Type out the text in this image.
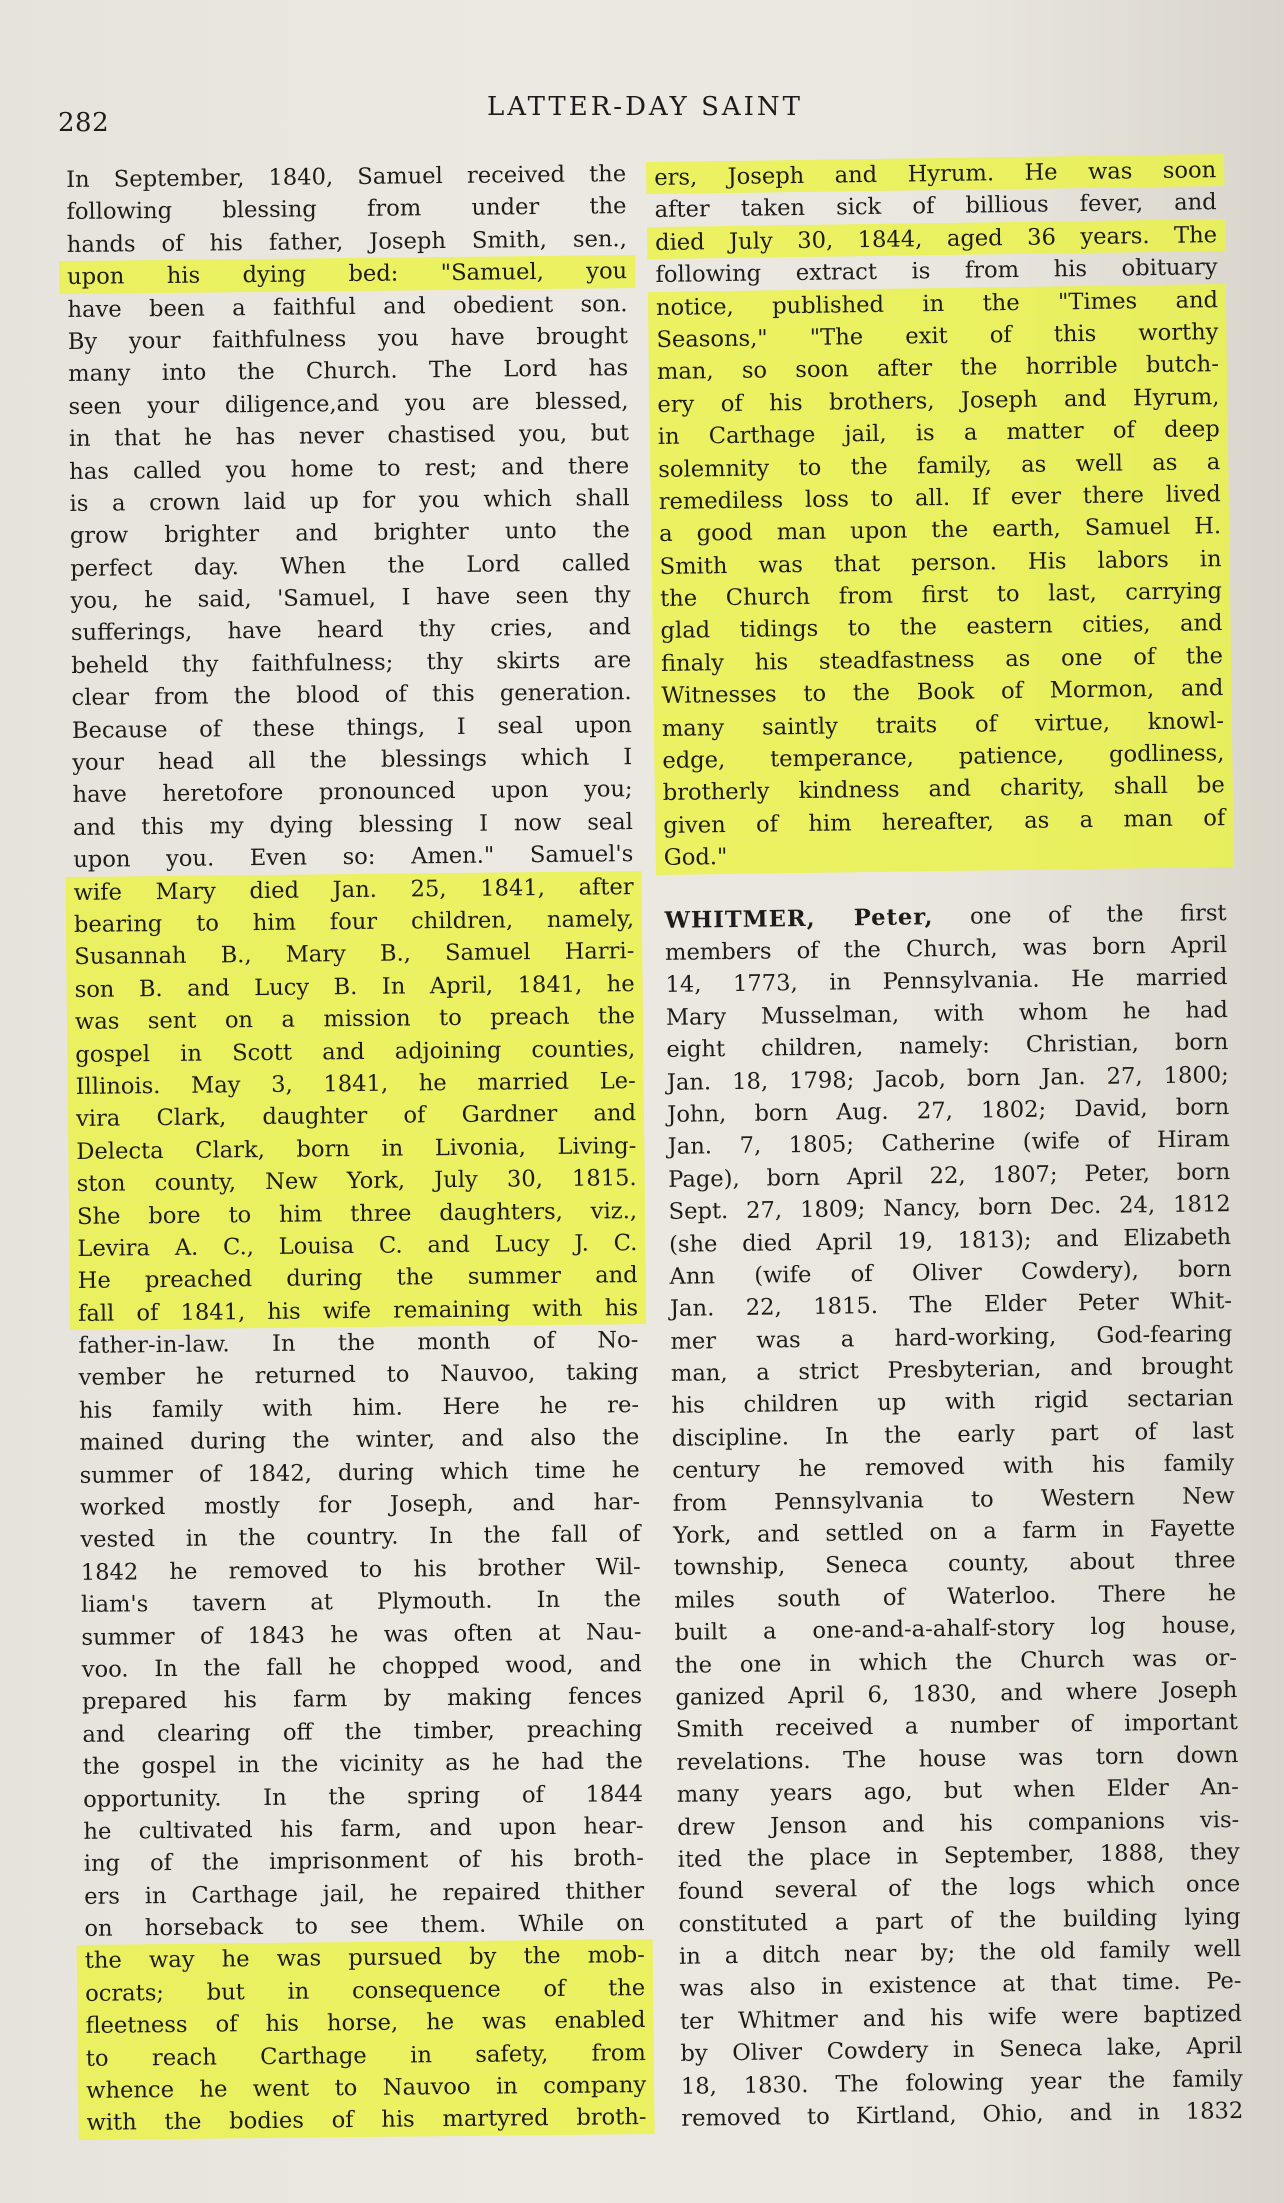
282
LATTER-DAY SAINT
In September, 1840, Samuel received the
following blessing from under the
hands of his father, Joseph Smith, sen.,
upon his dying bed: "Samuel, you
have been a faithful and obedient son.
By your faithfulness you have brought
many into the Church. The Lord has
seen your diligence,and you are blessed,
in that he has never chastised you, but
has called you home to rest; and there
is a crown laid up for you which shall
grow brighter and brighter unto the
perfect day. When the Lord called
you, he said, 'Samuel, I have seen thy
sufferings, have heard thy cries, and
beheld thy faithfulness; thy skirts are
clear from the blood of this generation.
Because of these things, I seal upon
your head all the blessings which I
have heretofore pronounced upon you;
and this my dying blessing I now seal
upon you. Even so: Amen." Samuel's
wife Mary died Jan. 25, 1841, after
bearing to him four children, namely,
Susannah B., Mary B., Samuel Harri-
son B. and Lucy B. In April, 1841, he
was sent on a mission to preach the
gospel in Scott and adjoining counties,
Illinois. May 3, 1841, he married Le-
vira Clark, daughter of Gardner and
Delecta Clark, born in Livonia, Living-
ston county, New York, July 30, 1815.
She bore to him three daughters, viz.,
Levira A. C., Louisa C. and Lucy J. C.
He preached during the summer and
fall of 1841, his wife remaining with his
father-in-law. In the month of No-
vember he returned to Nauvoo, taking
his family with him. Here he re-
mained during the winter, and also the
summer of 1842, during which time he
worked mostly for Joseph, and har-
vested in the country. In the fall of
1842 he removed to his brother Wil-
liam's tavern at Plymouth. In the
summer of 1843 he was often at Nau-
voo. In the fall he chopped wood, and
prepared his farm by making fences
and clearing off the timber, preaching
the gospel in the vicinity as he had the
opportunity. In the spring of 1844
he cultivated his farm, and upon hear-
ing of the imprisonment of his broth-
ers in Carthage jail, he repaired thither
on horseback to see them. While on
the way he was pursued by the mob-
ocrats; but in consequence of the
fleetness of his horse, he was enabled
to reach Carthage in safety, from
whence he went to Nauvoo in company
with the bodies of his martyred broth-
ers, Joseph and Hyrum. He was soon
after taken sick of billious fever, and
died July 30, 1844, aged 36 years. The
following extract is from his obituary
notice, published in the "Times and
Seasons," "The exit of this worthy
man, so soon after the horrible butch-
ery of his brothers, Joseph and Hyrum,
in Carthage jail, is a matter of deep
solemnity to the family, as well as a
remediless loss to all. If ever there lived
a good man upon the earth, Samuel H.
Smith was that person. His labors in
the Church from first to last, carrying
glad tidings to the eastern cities, and
finaly his steadfastness as one of the
Witnesses to the Book of Mormon, and
many saintly traits of virtue, knowl-
edge, temperance, patience, godliness,
brotherly kindness and charity, shall be
given of him hereafter, as a man of
God."
WHITMER, Peter, one of the first
members of the Church, was born April
14, 1773, in Pennsylvania. He married
Mary Musselman, with whom he had
eight children, namely: Christian, born
Jan. 18, 1798; Jacob, born Jan. 27, 1800;
John, born Aug. 27, 1802; David, born
Jan. 7, 1805; Catherine (wife of Hiram
Page), born April 22, 1807; Peter, born
Sept. 27, 1809; Nancy, born Dec. 24, 1812
(she died April 19, 1813); and Elizabeth
Ann (wife of Oliver Cowdery), born
Jan. 22, 1815. The Elder Peter Whit-
mer was a hard-working, God-fearing
man, a strict Presbyterian, and brought
his children up with rigid sectarian
discipline. In the early part of last
century he removed with his family
from Pennsylvania to Western New
York, and settled on a farm in Fayette
township, Seneca county, about three
miles south of Waterloo. There he
built a one-and-a-ahalf-story log house,
the one in which the Church was or-
ganized April 6, 1830, and where Joseph
Smith received a number of important
revelations. The house was torn down
many years ago, but when Elder An-
drew Jenson and his companions vis-
ited the place in September, 1888, they
found several of the logs which once
constituted a part of the building lying
in a ditch near by; the old family well
was also in existence at that time. Pe-
ter Whitmer and his wife were baptized
by Oliver Cowdery in Seneca lake, April
18, 1830. The folowing year the family
removed to Kirtland, Ohio, and in 1832
